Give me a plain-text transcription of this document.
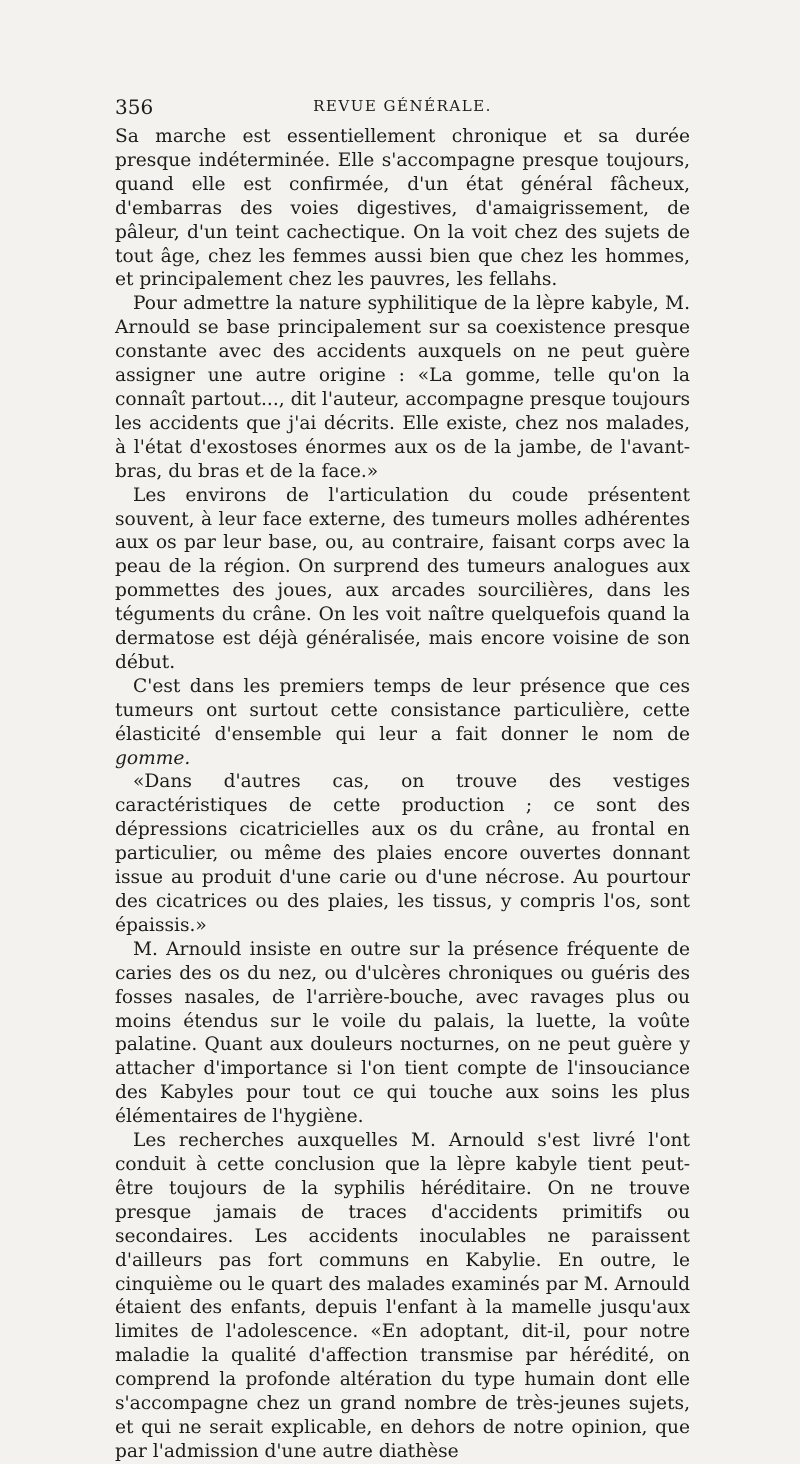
356	REVUE GÉNÉRALE.

Sa marche est essentiellement chronique et sa durée presque indéterminée. Elle s'accompagne presque toujours, quand elle est confirmée, d'un état général fâcheux, d'embarras des voies digestives, d'amaigrissement, de pâleur, d'un teint cachectique. On la voit chez des sujets de tout âge, chez les femmes aussi bien que chez les hommes, et principalement chez les pauvres, les fellahs.

Pour admettre la nature syphilitique de la lèpre kabyle, M. Arnould se base principalement sur sa coexistence presque constante avec des accidents auxquels on ne peut guère assigner une autre origine : «La gomme, telle qu'on la connaît partout..., dit l'auteur, accompagne presque toujours les accidents que j'ai décrits. Elle existe, chez nos malades, à l'état d'exostoses énormes aux os de la jambe, de l'avant-bras, du bras et de la face.»

Les environs de l'articulation du coude présentent souvent, à leur face externe, des tumeurs molles adhérentes aux os par leur base, ou, au contraire, faisant corps avec la peau de la région. On surprend des tumeurs analogues aux pommettes des joues, aux arcades sourcilières, dans les téguments du crâne. On les voit naître quelquefois quand la dermatose est déjà généralisée, mais encore voisine de son début.

C'est dans les premiers temps de leur présence que ces tumeurs ont surtout cette consistance particulière, cette élasticité d'ensemble qui leur a fait donner le nom de gomme.

«Dans d'autres cas, on trouve des vestiges caractéristiques de cette production ; ce sont des dépressions cicatricielles aux os du crâne, au frontal en particulier, ou même des plaies encore ouvertes donnant issue au produit d'une carie ou d'une nécrose. Au pourtour des cicatrices ou des plaies, les tissus, y compris l'os, sont épaissis.»

M. Arnould insiste en outre sur la présence fréquente de caries des os du nez, ou d'ulcères chroniques ou guéris des fosses nasales, de l'arrière-bouche, avec ravages plus ou moins étendus sur le voile du palais, la luette, la voûte palatine. Quant aux douleurs nocturnes, on ne peut guère y attacher d'importance si l'on tient compte de l'insouciance des Kabyles pour tout ce qui touche aux soins les plus élémentaires de l'hygiène.

Les recherches auxquelles M. Arnould s'est livré l'ont conduit à cette conclusion que la lèpre kabyle tient peut-être toujours de la syphilis héréditaire. On ne trouve presque jamais de traces d'accidents primitifs ou secondaires. Les accidents inoculables ne paraissent d'ailleurs pas fort communs en Kabylie. En outre, le cinquième ou le quart des malades examinés par M. Arnould étaient des enfants, depuis l'enfant à la mamelle jusqu'aux limites de l'adolescence. «En adoptant, dit-il, pour notre maladie la qualité d'affection transmise par hérédité, on comprend la profonde altération du type humain dont elle s'accompagne chez un grand nombre de très-jeunes sujets, et qui ne serait explicable, en dehors de notre opinion, que par l'admission d'une autre diathèse
